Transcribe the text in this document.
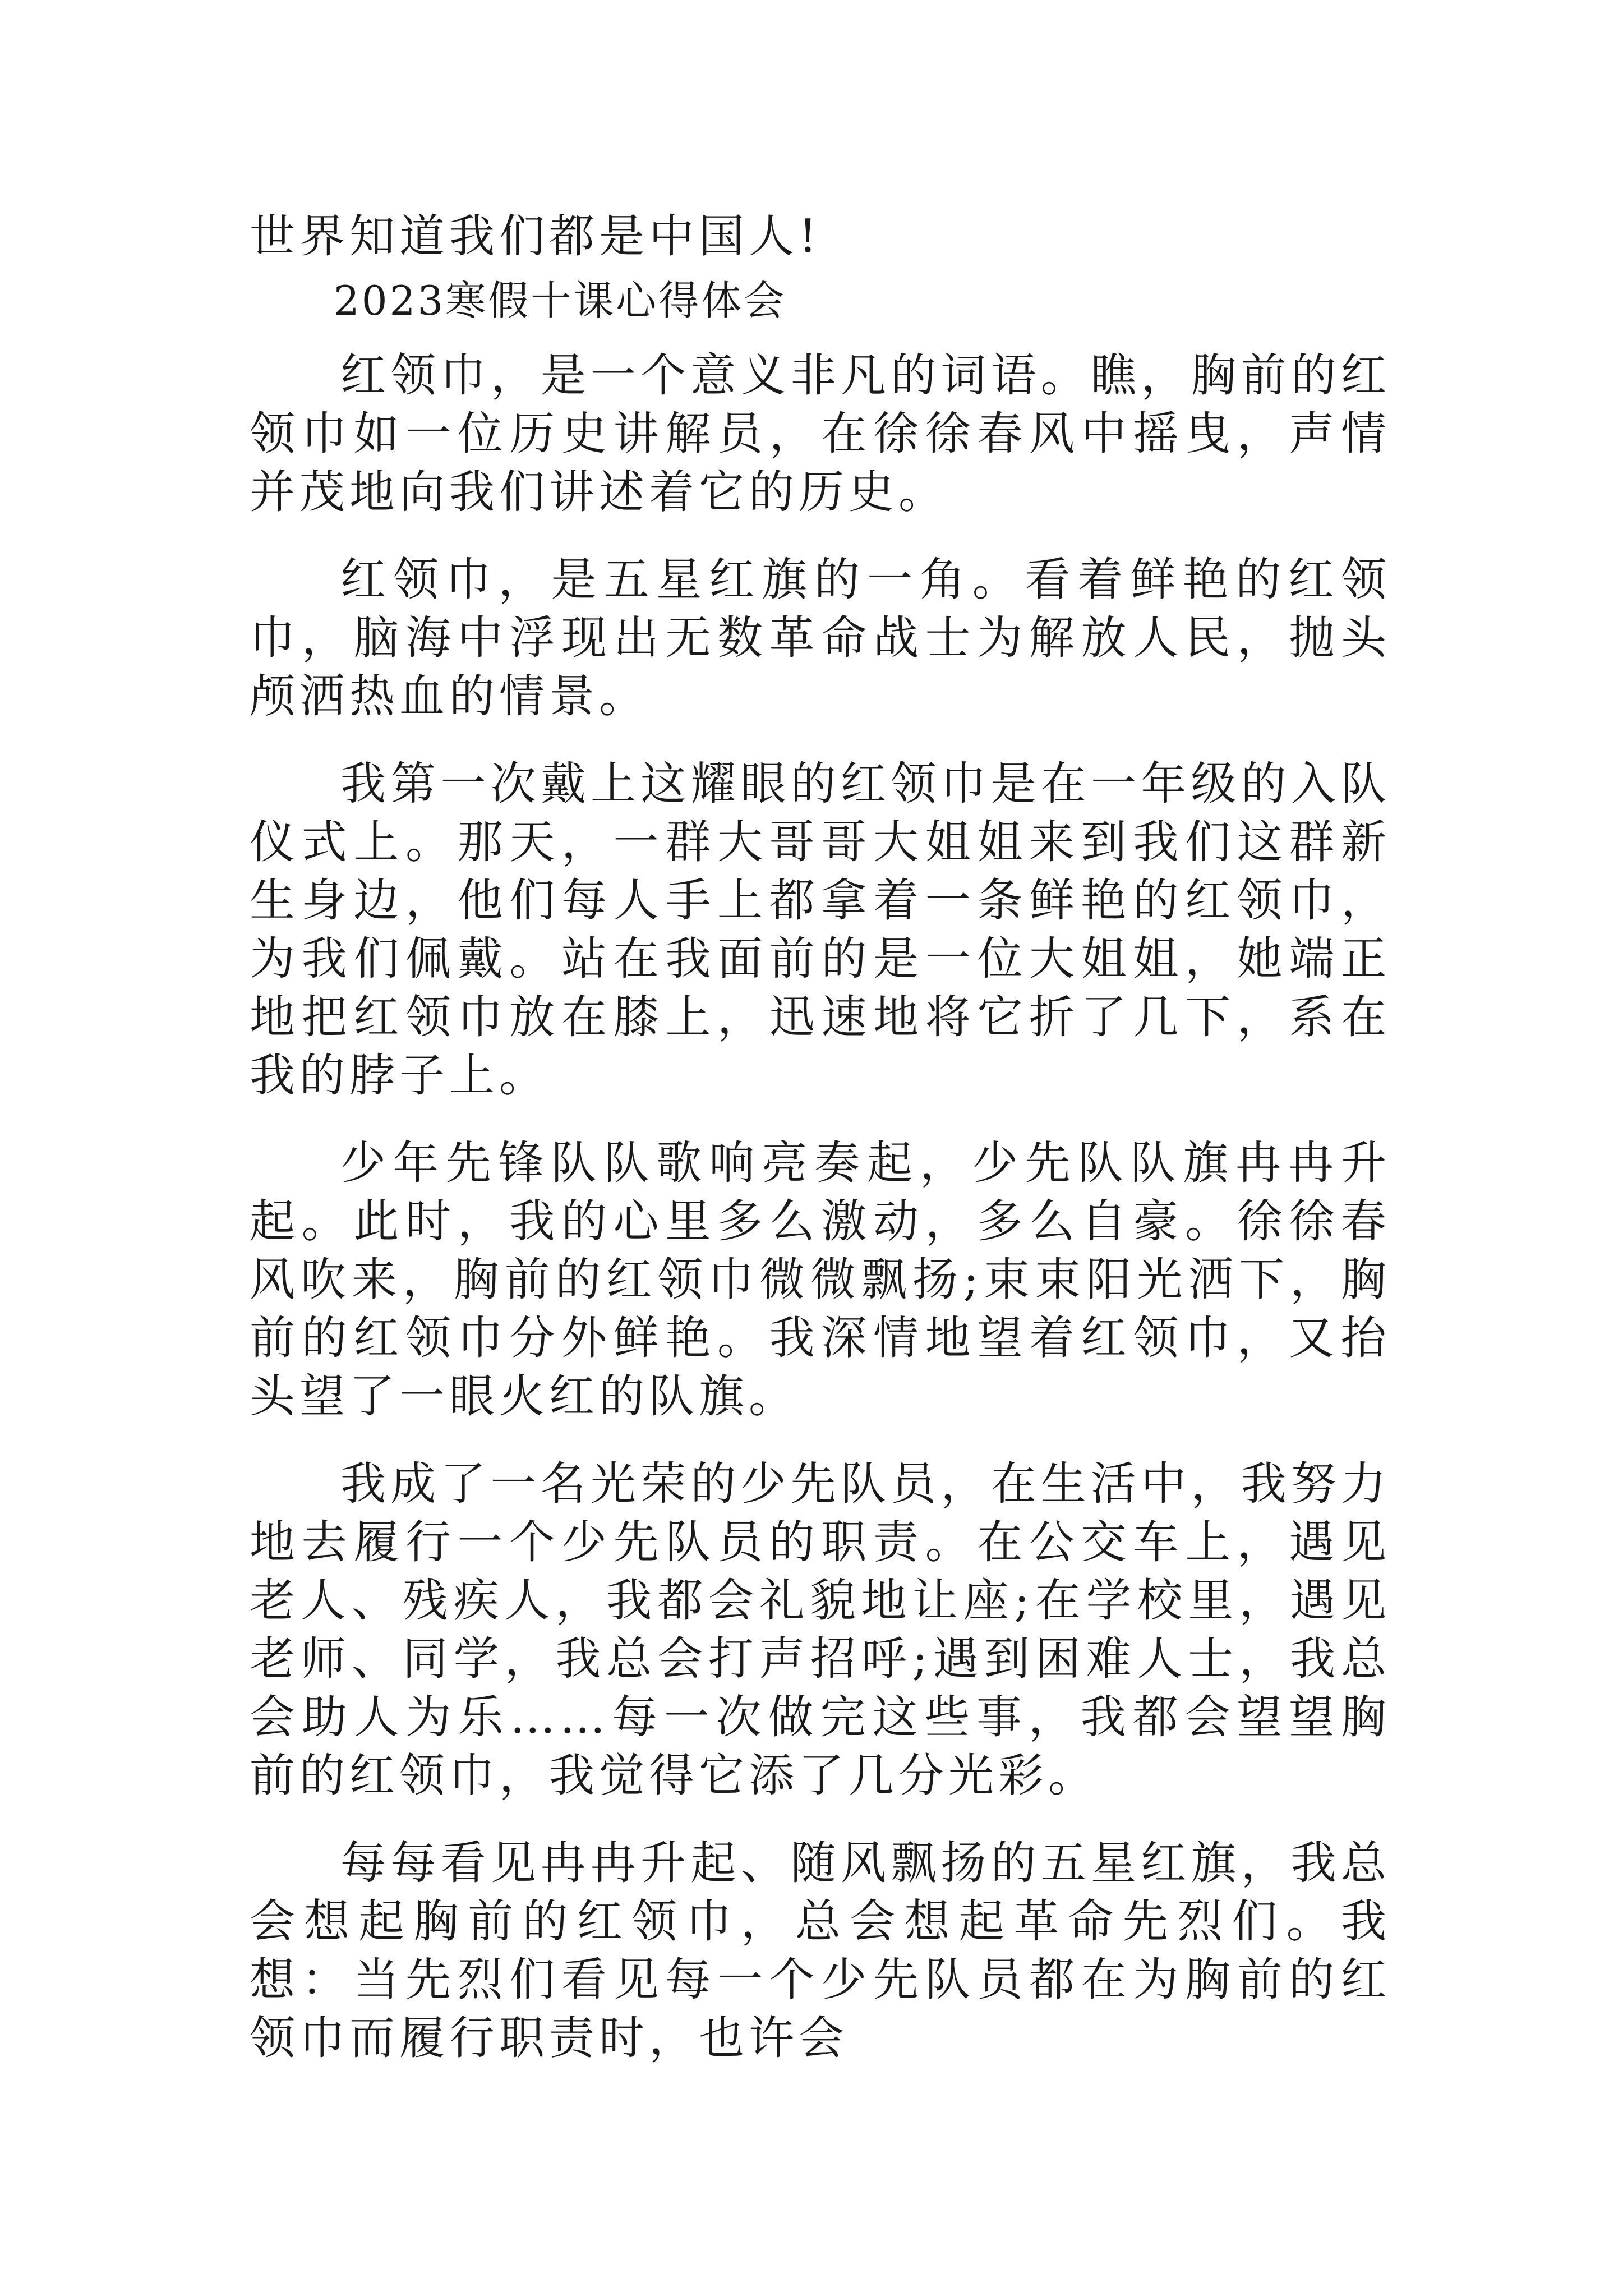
世界知道我们都是中国人!

2023寒假十课心得体会

红领巾，是一个意义非凡的词语。瞧，胸前的红领巾如一位历史讲解员，在徐徐春风中摇曳，声情并茂地向我们讲述着它的历史。

红领巾，是五星红旗的一角。看着鲜艳的红领巾，脑海中浮现出无数革命战士为解放人民，抛头颅洒热血的情景。

我第一次戴上这耀眼的红领巾是在一年级的入队仪式上。那天，一群大哥哥大姐姐来到我们这群新生身边，他们每人手上都拿着一条鲜艳的红领巾，为我们佩戴。站在我面前的是一位大姐姐，她端正地把红领巾放在膝上，迅速地将它折了几下，系在我的脖子上。

少年先锋队队歌响亮奏起，少先队队旗冉冉升起。此时，我的心里多么激动，多么自豪。徐徐春风吹来，胸前的红领巾微微飘扬;束束阳光洒下，胸前的红领巾分外鲜艳。我深情地望着红领巾，又抬头望了一眼火红的队旗。

我成了一名光荣的少先队员，在生活中，我努力地去履行一个少先队员的职责。在公交车上，遇见老人、残疾人，我都会礼貌地让座;在学校里，遇见老师、同学，我总会打声招呼;遇到困难人士，我总会助人为乐……每一次做完这些事，我都会望望胸前的红领巾，我觉得它添了几分光彩。

每每看见冉冉升起、随风飘扬的五星红旗，我总会想起胸前的红领巾，总会想起革命先烈们。我想：当先烈们看见每一个少先队员都在为胸前的红领巾而履行职责时，也许会
